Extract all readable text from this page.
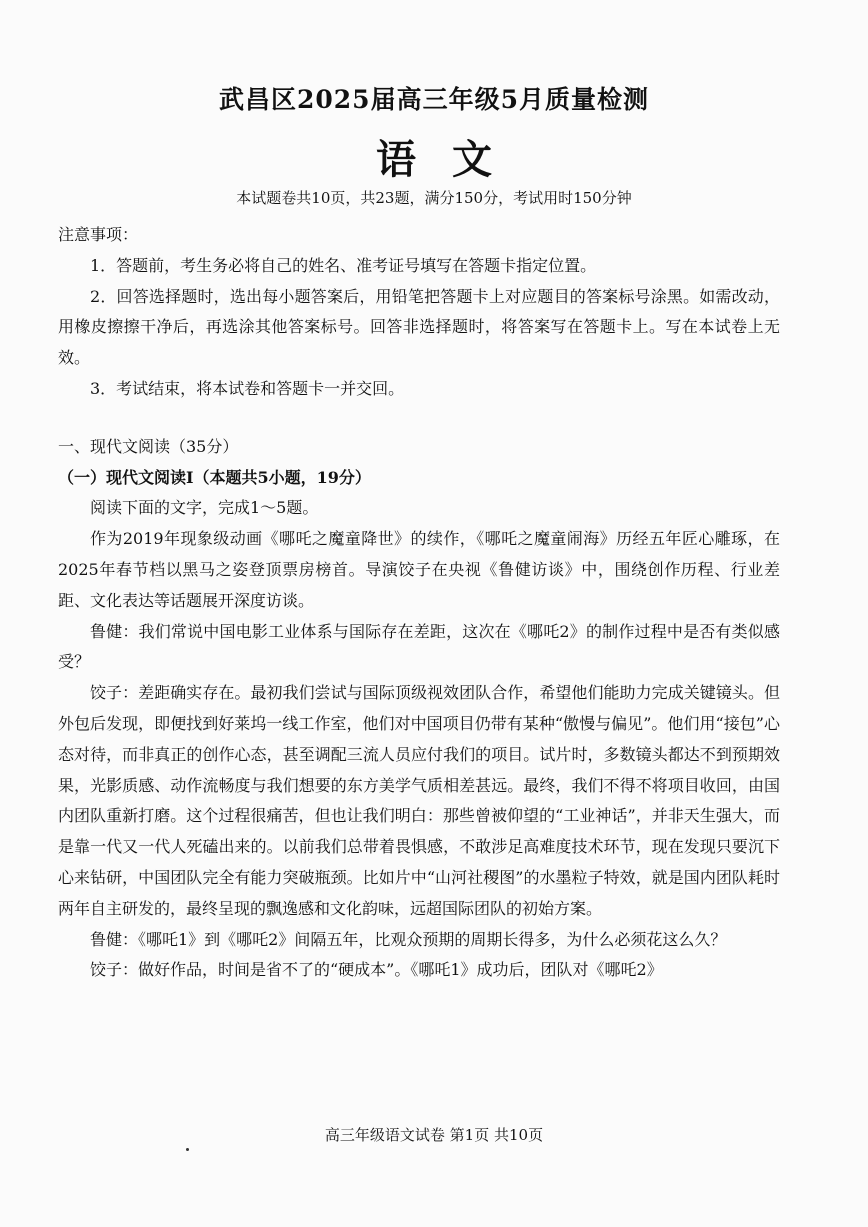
武昌区2025届高三年级5月质量检测
语文
本试题卷共10页，共23题，满分150分，考试用时150分钟

注意事项：

1．答题前，考生务必将自己的姓名、准考证号填写在答题卡指定位置。

2．回答选择题时，选出每小题答案后，用铅笔把答题卡上对应题目的答案标号涂黑。如需改动，用橡皮擦擦干净后，再选涂其他答案标号。回答非选择题时，将答案写在答题卡上。写在本试卷上无效。

3．考试结束，将本试卷和答题卡一并交回。

一、现代文阅读（35分）

（一）现代文阅读Ⅰ（本题共5小题，19分）

阅读下面的文字，完成1～5题。

作为2019年现象级动画《哪吒之魔童降世》的续作，《哪吒之魔童闹海》历经五年匠心雕琢，在2025年春节档以黑马之姿登顶票房榜首。导演饺子在央视《鲁健访谈》中，围绕创作历程、行业差距、文化表达等话题展开深度访谈。

鲁健：我们常说中国电影工业体系与国际存在差距，这次在《哪吒2》的制作过程中是否有类似感受？

饺子：差距确实存在。最初我们尝试与国际顶级视效团队合作，希望他们能助力完成关键镜头。但外包后发现，即便找到好莱坞一线工作室，他们对中国项目仍带有某种“傲慢与偏见”。他们用“接包”心态对待，而非真正的创作心态，甚至调配三流人员应付我们的项目。试片时，多数镜头都达不到预期效果，光影质感、动作流畅度与我们想要的东方美学气质相差甚远。最终，我们不得不将项目收回，由国内团队重新打磨。这个过程很痛苦，但也让我们明白：那些曾被仰望的“工业神话”，并非天生强大，而是靠一代又一代人死磕出来的。以前我们总带着畏惧感，不敢涉足高难度技术环节，现在发现只要沉下心来钻研，中国团队完全有能力突破瓶颈。比如片中“山河社稷图”的水墨粒子特效，就是国内团队耗时两年自主研发的，最终呈现的飘逸感和文化韵味，远超国际团队的初始方案。

鲁健：《哪吒1》到《哪吒2》间隔五年，比观众预期的周期长得多，为什么必须花这么久？

饺子：做好作品，时间是省不了的“硬成本”。《哪吒1》成功后，团队对《哪吒2》

高三年级语文试卷 第1页 共10页
